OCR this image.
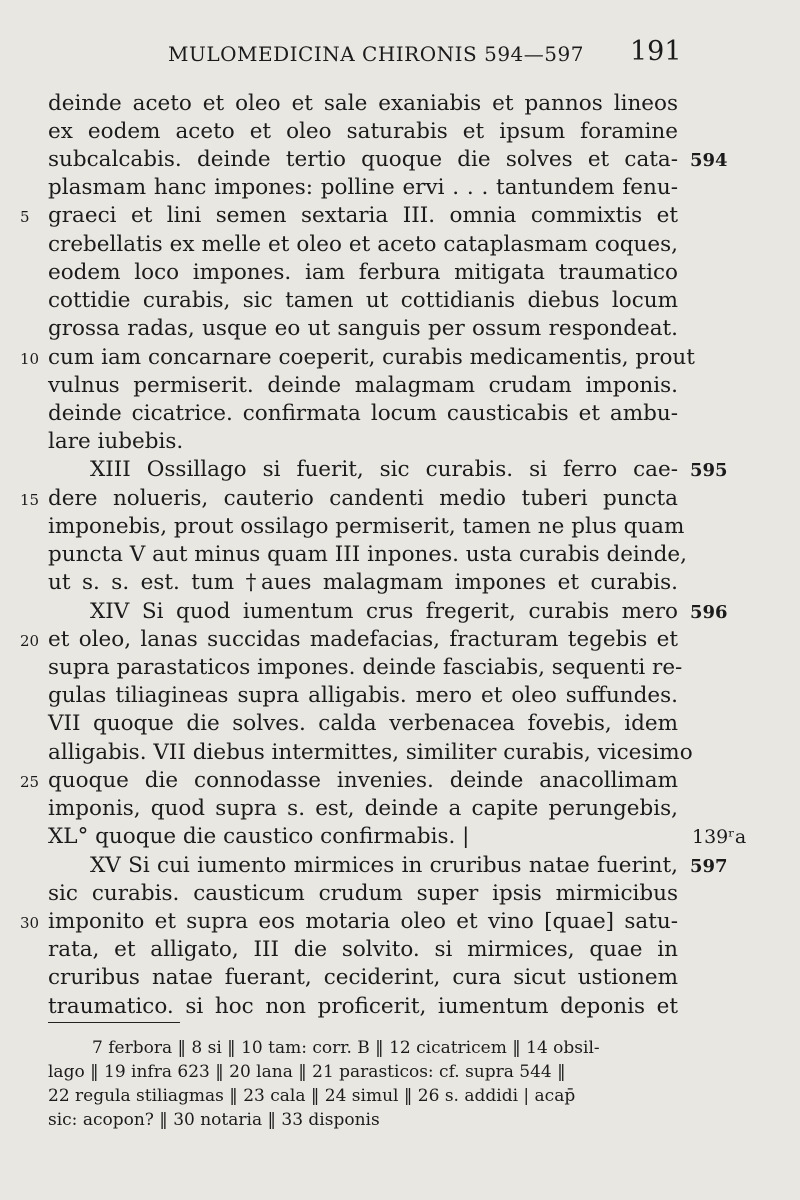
MULOMEDICINA CHIRONIS 594—597 191
deinde aceto et oleo et sale exaniabis et pannos lineos
ex eodem aceto et oleo saturabis et ipsum foramine
subcalcabis. deinde tertio quoque die solves et cata-
plasmam hanc impones: polline ervi . . . tantundem fenu-
graeci et lini semen sextaria III. omnia commixtis et
crebellatis ex melle et oleo et aceto cataplasmam coques,
eodem loco impones. iam ferbura mitigata traumatico
cottidie curabis, sic tamen ut cottidianis diebus locum
grossa radas, usque eo ut sanguis per ossum respondeat.
cum iam concarnare coeperit, curabis medicamentis, prout
vulnus permiserit. deinde malagmam crudam imponis.
deinde cicatrice. confirmata locum causticabis et ambu-
lare iubebis.
XIII Ossillago si fuerit, sic curabis. si ferro cae-
dere nolueris, cauterio candenti medio tuberi puncta
imponebis, prout ossilago permiserit, tamen ne plus quam
puncta V aut minus quam III inpones. usta curabis deinde,
ut s. s. est. tum †aues malagmam impones et curabis.
XIV Si quod iumentum crus fregerit, curabis mero
et oleo, lanas succidas madefacias, fracturam tegebis et
supra parastaticos impones. deinde fasciabis, sequenti re-
gulas tiliagineas supra alligabis. mero et oleo suffundes.
VII quoque die solves. calda verbenacea fovebis, idem
alligabis. VII diebus intermittes, similiter curabis, vicesimo
quoque die connodasse invenies. deinde anacollimam
imponis, quod supra s. est, deinde a capite perungebis,
XL° quoque die caustico confirmabis. |
XV Si cui iumento mirmices in cruribus natae fuerint,
sic curabis. causticum crudum super ipsis mirmicibus
imponito et supra eos motaria oleo et vino [quae] satu-
rata, et alligato, III die solvito. si mirmices, quae in
cruribus natae fuerant, ceciderint, cura sicut ustionem
traumatico. si hoc non proficerit, iumentum deponis et
5
10
15
20
25
30
594
595
596
139ʳa
597
7 ferbora ‖ 8 si ‖ 10 tam: corr. B ‖ 12 cicatricem ‖ 14 obsil-
lago ‖ 19 infra 623 ‖ 20 lana ‖ 21 parasticos: cf. supra 544 ‖
22 regula stiliagmas ‖ 23 cala ‖ 24 simul ‖ 26 s. addidi | acap̄
sic: acopon? ‖ 30 notaria ‖ 33 disponis
